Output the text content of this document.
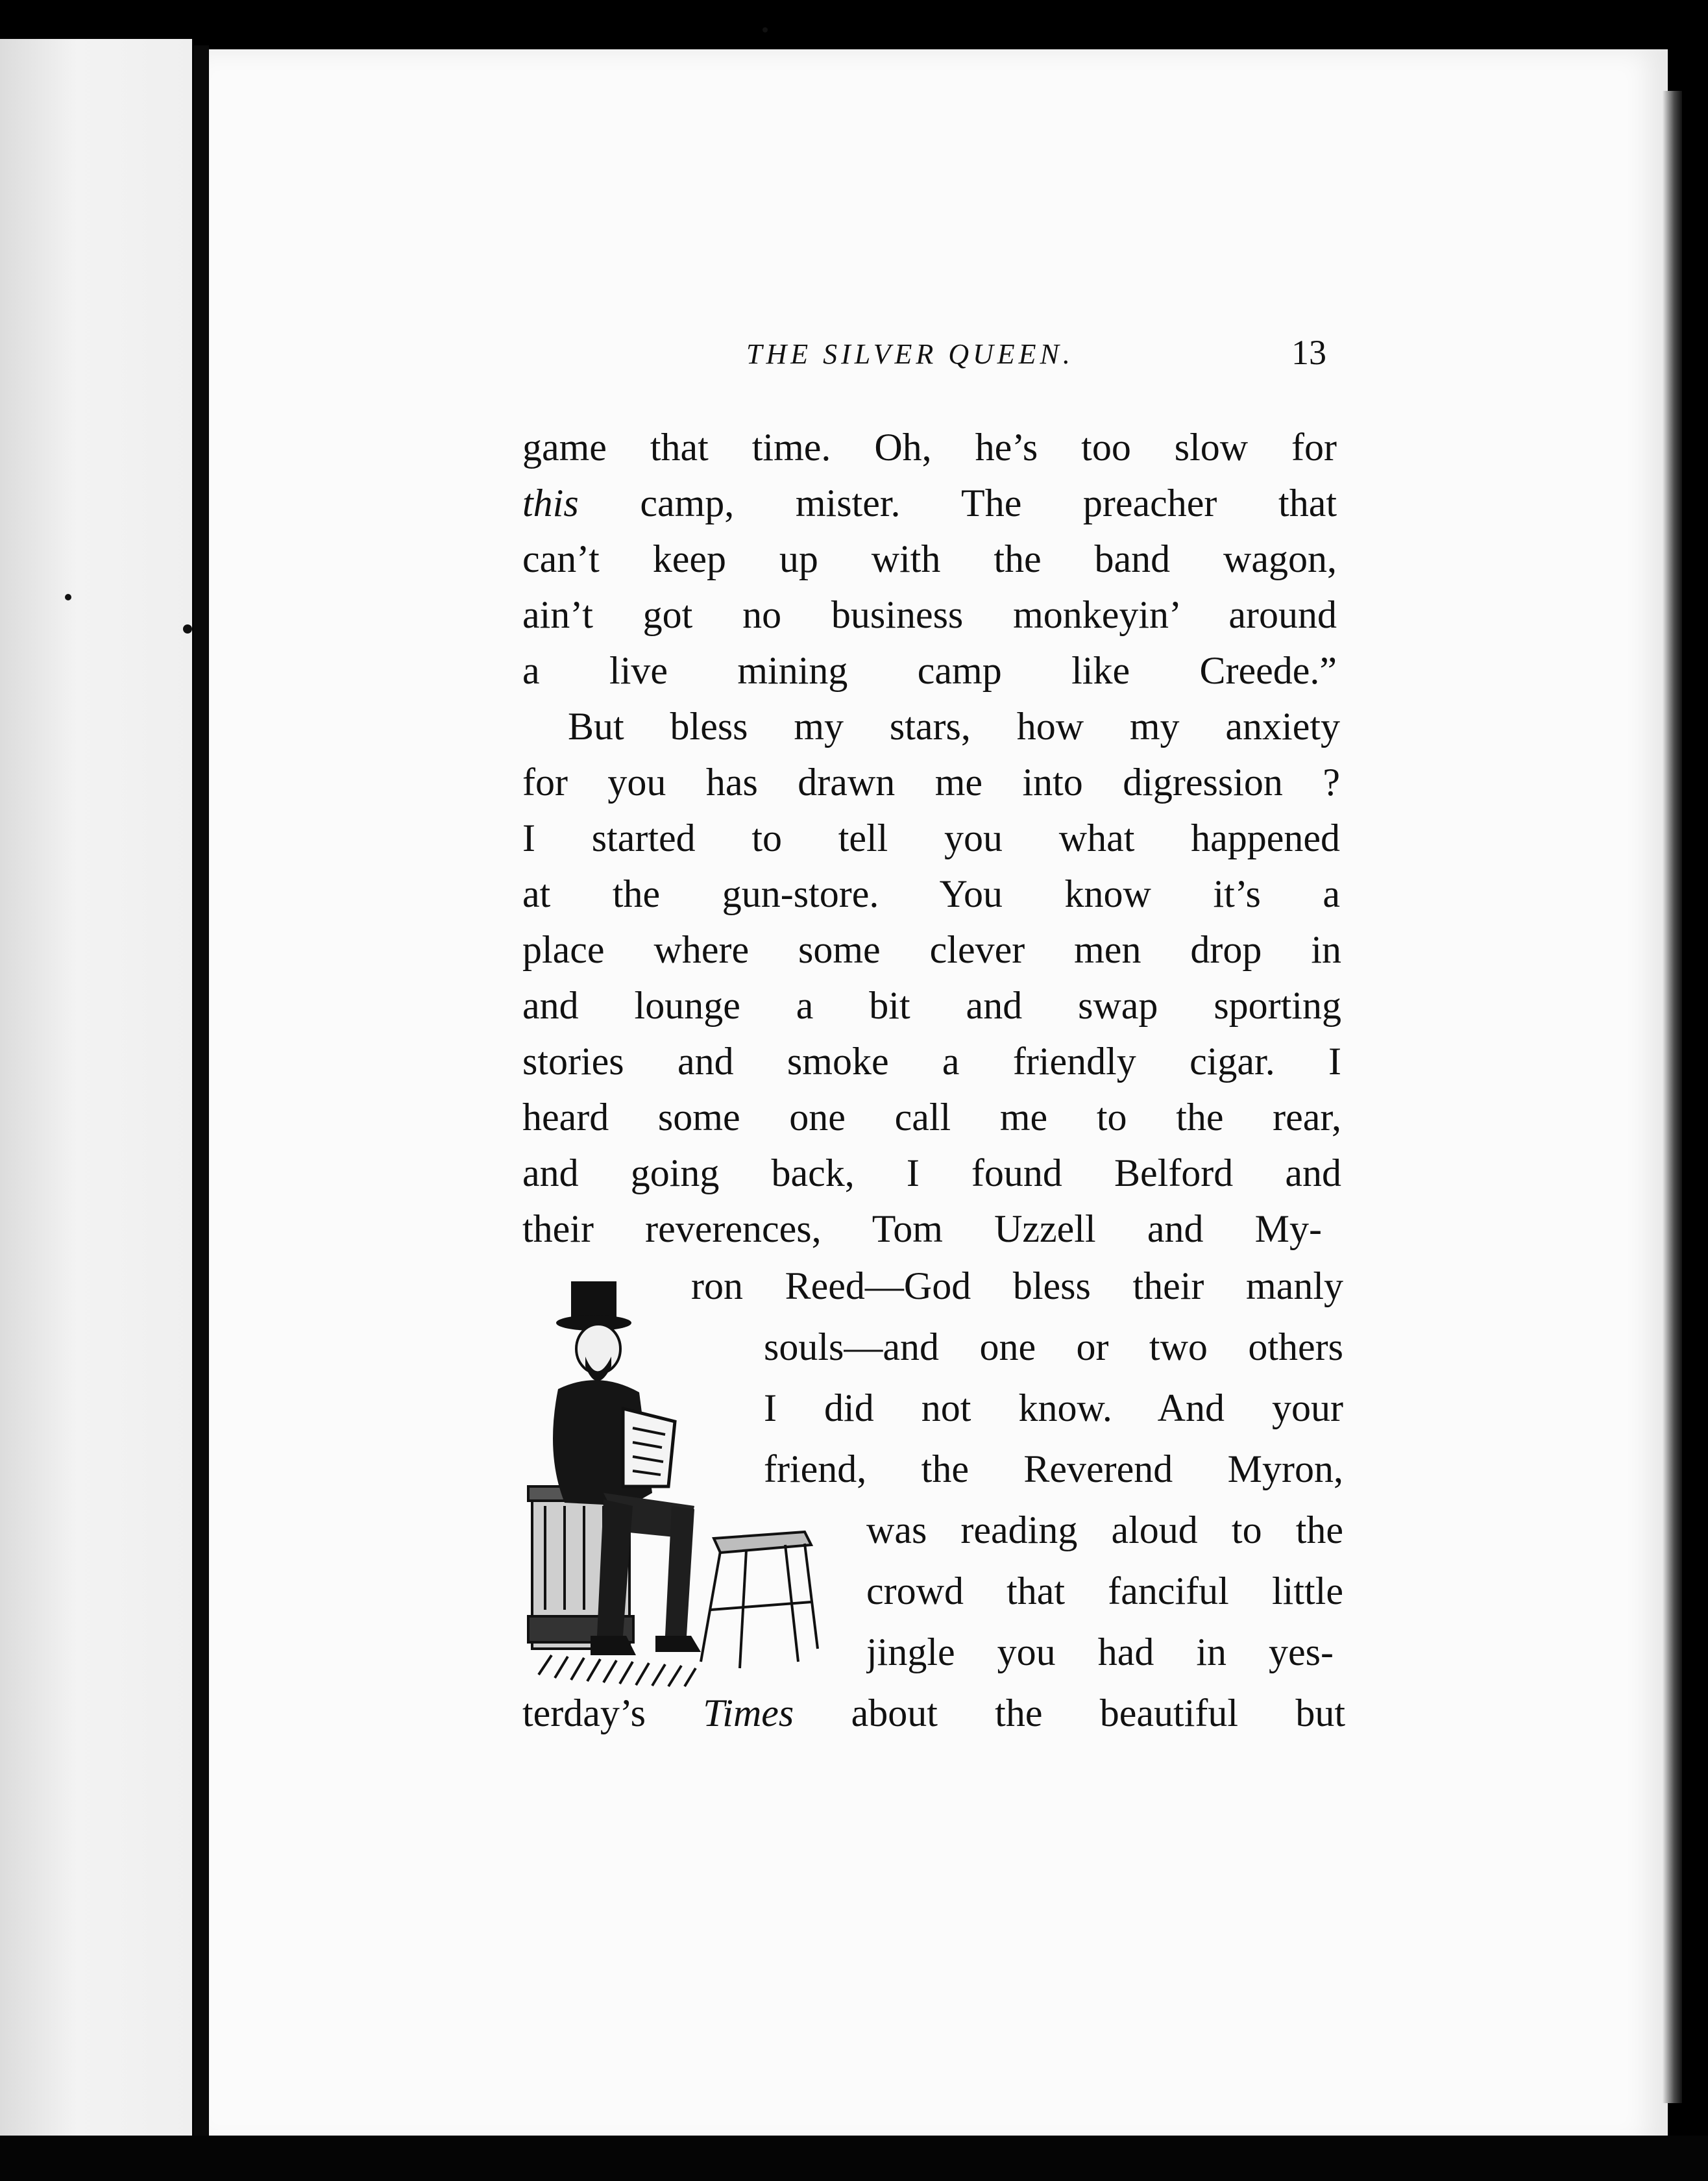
THE SILVER QUEEN.	13
game that time. Oh, he’s too slow for
this camp, mister. The preacher that
can’t keep up with the band wagon,
ain’t got no business monkeyin’ around
a live mining camp like Creede.”
But bless my stars, how my anxiety
for you has drawn me into digression ?
I started to tell you what happened
at the gun-store. You know it’s a
place where some clever men drop in
and lounge a bit and swap sporting
stories and smoke a friendly cigar. I
heard some one call me to the rear,
and going back, I found Belford and
their reverences, Tom Uzzell and My-
ron Reed—God bless their manly
souls—and one or two others
I did not know. And your
friend, the Reverend Myron,
was reading aloud to the
crowd that fanciful little
jingle you had in yes-
terday’s Times about the beautiful but
